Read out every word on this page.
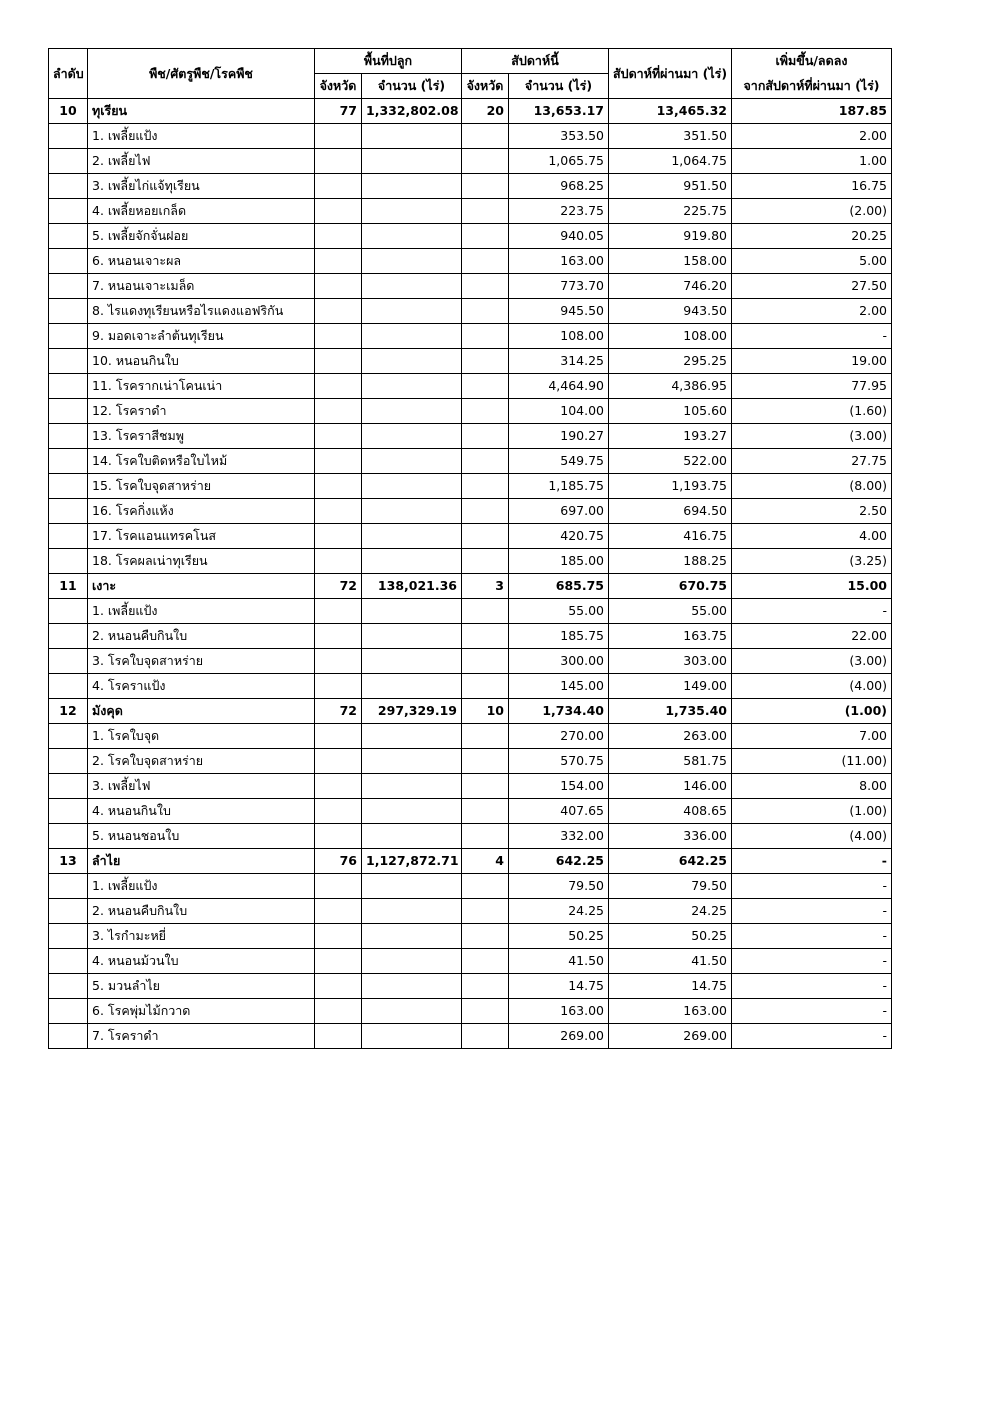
ลำดับ	พืช/ศัตรูพืช/โรคพืช	พื้นที่ปลูก		สัปดาห์นี้		สัปดาห์ที่ผ่านมา (ไร่)	เพิ่มขึ้น/ลดลง
		จังหวัด	จำนวน (ไร่)	จังหวัด	จำนวน (ไร่)		จากสัปดาห์ที่ผ่านมา (ไร่)
10	ทุเรียน	77	1,332,802.08	20	13,653.17	13,465.32	187.85
	1. เพลี้ยแป้ง				353.50	351.50	2.00
	2. เพลี้ยไฟ				1,065.75	1,064.75	1.00
	3. เพลี้ยไก่แจ้ทุเรียน				968.25	951.50	16.75
	4. เพลี้ยหอยเกล็ด				223.75	225.75	(2.00)
	5. เพลี้ยจักจั่นฝอย				940.05	919.80	20.25
	6. หนอนเจาะผล				163.00	158.00	5.00
	7. หนอนเจาะเมล็ด				773.70	746.20	27.50
	8. ไรแดงทุเรียนหรือไรแดงแอฟริกัน				945.50	943.50	2.00
	9. มอดเจาะลำต้นทุเรียน				108.00	108.00	-
	10. หนอนกินใบ				314.25	295.25	19.00
	11. โรครากเน่าโคนเน่า				4,464.90	4,386.95	77.95
	12. โรคราดำ				104.00	105.60	(1.60)
	13. โรคราสีชมพู				190.27	193.27	(3.00)
	14. โรคใบติดหรือใบไหม้				549.75	522.00	27.75
	15. โรคใบจุดสาหร่าย				1,185.75	1,193.75	(8.00)
	16. โรคกิ่งแห้ง				697.00	694.50	2.50
	17. โรคแอนแทรคโนส				420.75	416.75	4.00
	18. โรคผลเน่าทุเรียน				185.00	188.25	(3.25)
11	เงาะ	72	138,021.36	3	685.75	670.75	15.00
	1. เพลี้ยแป้ง				55.00	55.00	-
	2. หนอนคืบกินใบ				185.75	163.75	22.00
	3. โรคใบจุดสาหร่าย				300.00	303.00	(3.00)
	4. โรคราแป้ง				145.00	149.00	(4.00)
12	มังคุด	72	297,329.19	10	1,734.40	1,735.40	(1.00)
	1. โรคใบจุด				270.00	263.00	7.00
	2. โรคใบจุดสาหร่าย				570.75	581.75	(11.00)
	3. เพลี้ยไฟ				154.00	146.00	8.00
	4. หนอนกินใบ				407.65	408.65	(1.00)
	5. หนอนชอนใบ				332.00	336.00	(4.00)
13	ลำไย	76	1,127,872.71	4	642.25	642.25	-
	1. เพลี้ยแป้ง				79.50	79.50	-
	2. หนอนคืบกินใบ				24.25	24.25	-
	3. ไรกำมะหยี่				50.25	50.25	-
	4. หนอนม้วนใบ				41.50	41.50	-
	5. มวนลำไย				14.75	14.75	-
	6. โรคพุ่มไม้กวาด				163.00	163.00	-
	7. โรคราดำ				269.00	269.00	-
